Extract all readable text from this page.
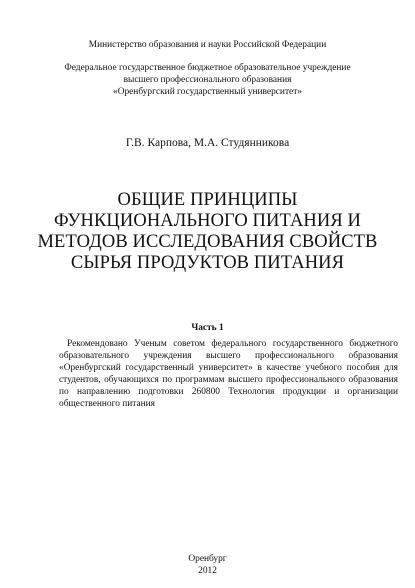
Министерство образования и науки Российской Федерации
Федеральное государственное бюджетное образовательное учреждение
высшего профессионального образования
«Оренбургский государственный университет»
Г.В. Карпова, М.А. Студянникова
ОБЩИЕ ПРИНЦИПЫ
ФУНКЦИОНАЛЬНОГО ПИТАНИЯ И
МЕТОДОВ ИССЛЕДОВАНИЯ СВОЙСТВ
СЫРЬЯ ПРОДУКТОВ ПИТАНИЯ
Часть 1
Рекомендовано Ученым советом федерального государственного бюджетного
образовательного учреждения высшего профессионального образования
«Оренбургский государственный университет» в качестве учебного пособия для
студентов, обучающихся по программам высшего профессионального образования
по направлению подготовки 260800 Технология продукции и организации
общественного питания
Оренбург
2012
